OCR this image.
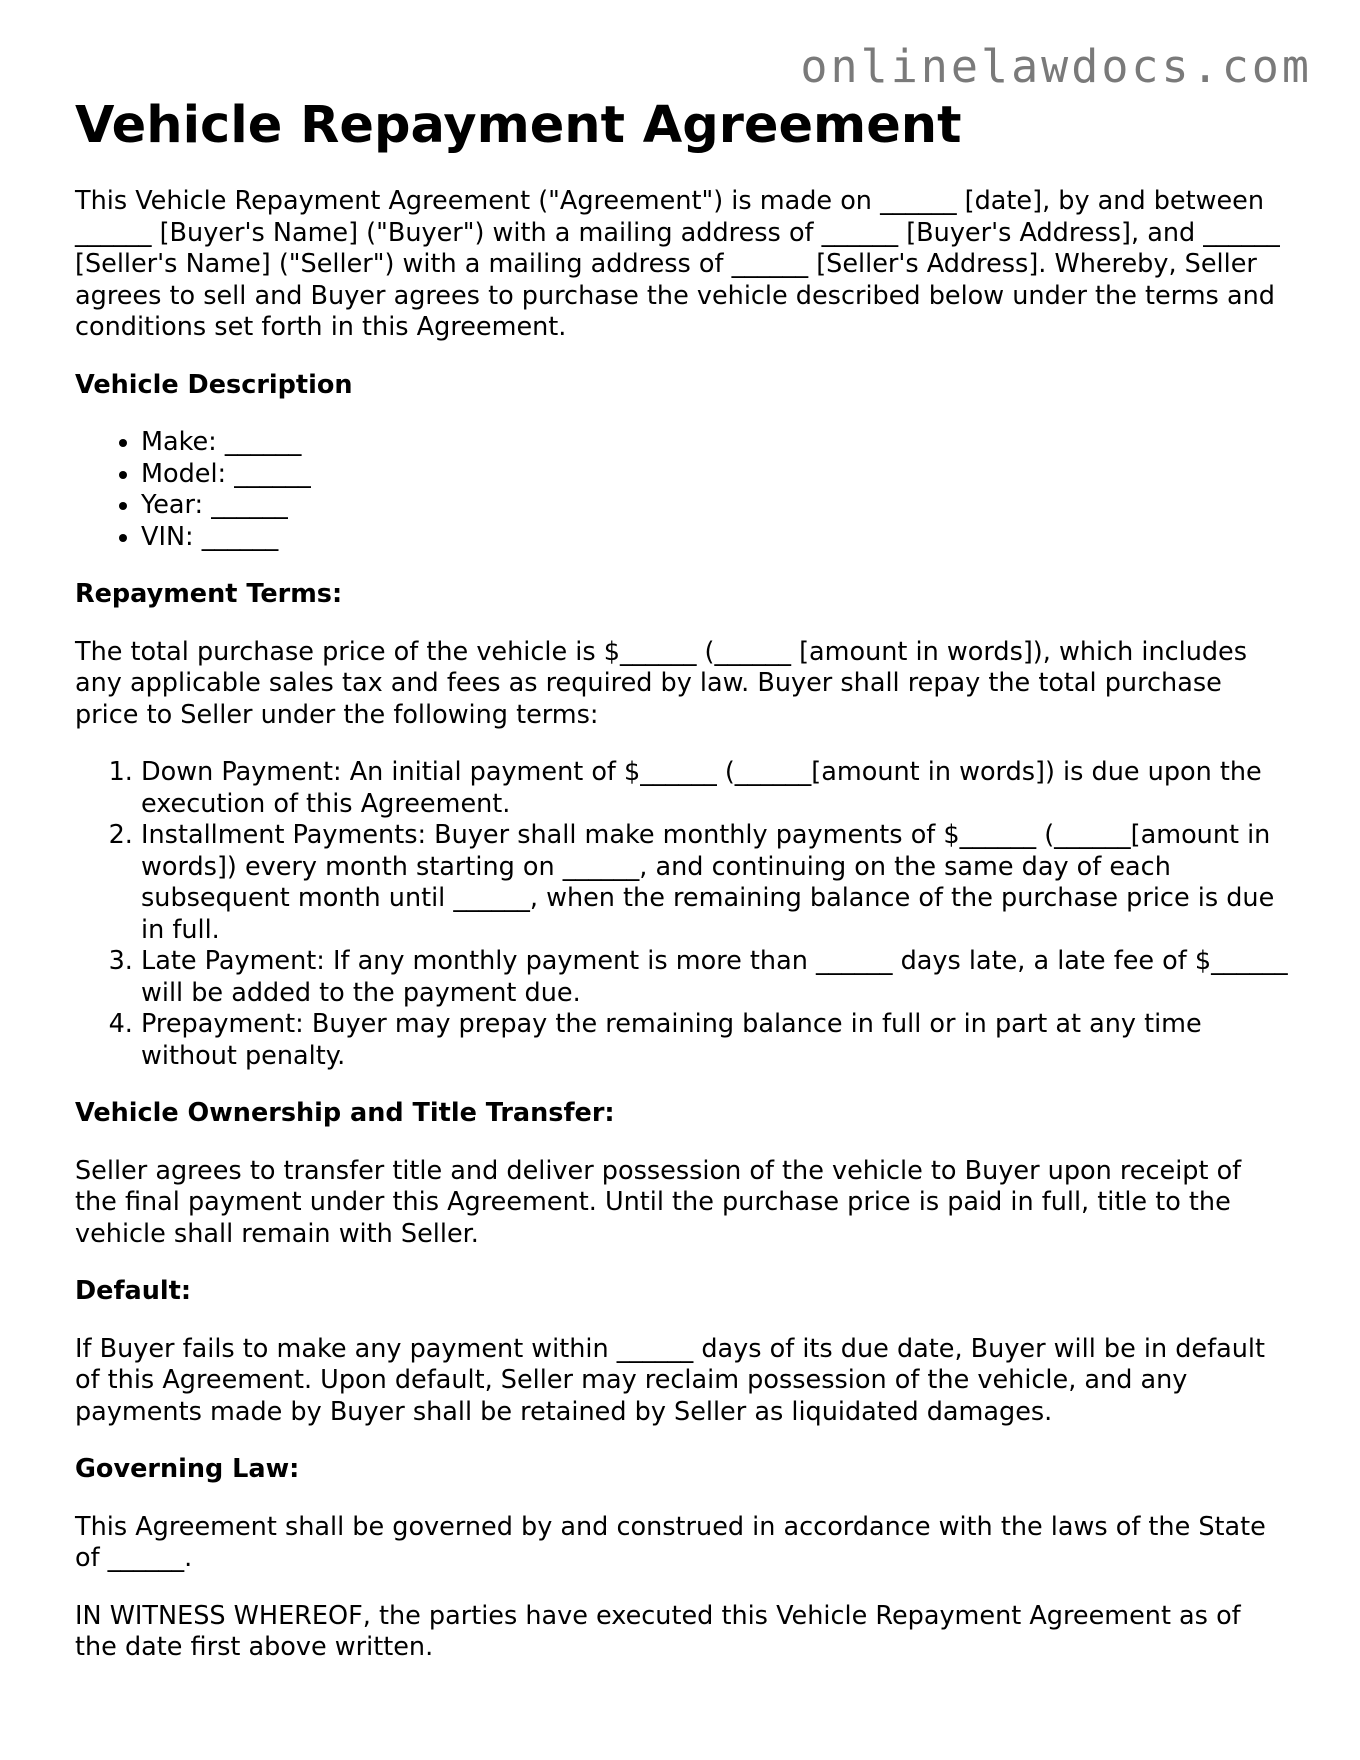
onlinelawdocs.com
Vehicle Repayment Agreement

This Vehicle Repayment Agreement ("Agreement") is made on ______ [date], by and between ______ [Buyer's Name] ("Buyer") with a mailing address of ______ [Buyer's Address], and ______ [Seller's Name] ("Seller") with a mailing address of ______ [Seller's Address]. Whereby, Seller agrees to sell and Buyer agrees to purchase the vehicle described below under the terms and conditions set forth in this Agreement.

Vehicle Description
• Make: ______
• Model: ______
• Year: ______
• VIN: ______
Repayment Terms:

The total purchase price of the vehicle is $______ (______ [amount in words]), which includes any applicable sales tax and fees as required by law. Buyer shall repay the total purchase price to Seller under the following terms:

1. Down Payment: An initial payment of $______ (______[amount in words]) is due upon the execution of this Agreement.
2. Installment Payments: Buyer shall make monthly payments of $______ (______[amount in words]) every month starting on ______, and continuing on the same day of each subsequent month until ______, when the remaining balance of the purchase price is due in full.
3. Late Payment: If any monthly payment is more than ______ days late, a late fee of $______ will be added to the payment due.
4. Prepayment: Buyer may prepay the remaining balance in full or in part at any time without penalty.
Vehicle Ownership and Title Transfer:

Seller agrees to transfer title and deliver possession of the vehicle to Buyer upon receipt of the final payment under this Agreement. Until the purchase price is paid in full, title to the vehicle shall remain with Seller.

Default:

If Buyer fails to make any payment within ______ days of its due date, Buyer will be in default of this Agreement. Upon default, Seller may reclaim possession of the vehicle, and any payments made by Buyer shall be retained by Seller as liquidated damages.

Governing Law:

This Agreement shall be governed by and construed in accordance with the laws of the State of ______.

IN WITNESS WHEREOF, the parties have executed this Vehicle Repayment Agreement as of the date first above written.
